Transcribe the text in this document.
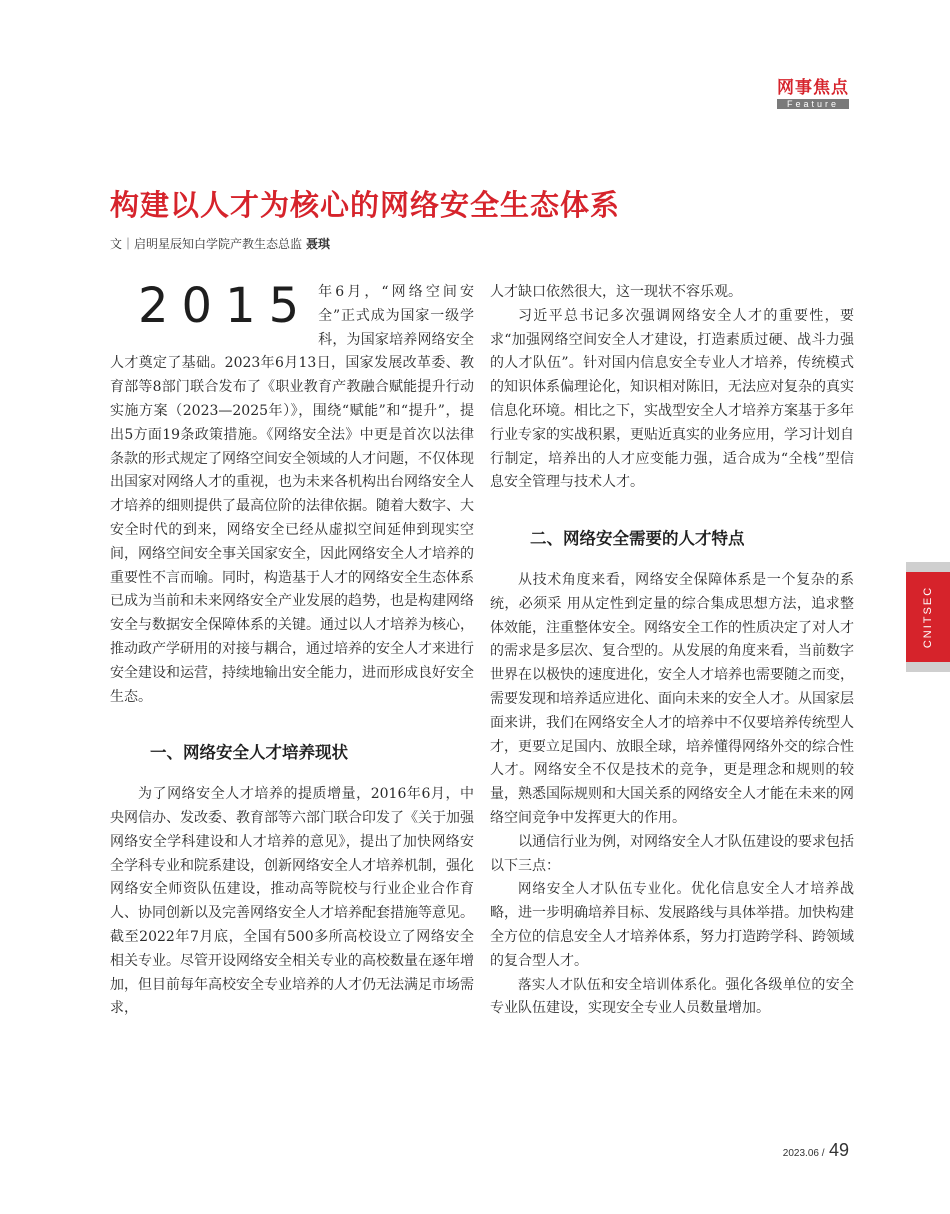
网事焦点
Feature
构建以人才为核心的网络安全生态体系
文｜启明星辰知白学院产教生态总监 聂琪

2015 年6月，“网络空间安全”正式成为国家一级学科，为国家培养网络安全人才奠定了基础。2023年6月13日，国家发展改革委、教育部等8部门联合发布了《职业教育产教融合赋能提升行动实施方案（2023—2025年）》，围绕“赋能”和“提升”，提出5方面19条政策措施。《网络安全法》中更是首次以法律条款的形式规定了网络空间安全领域的人才问题，不仅体现出国家对网络人才的重视，也为未来各机构出台网络安全人才培养的细则提供了最高位阶的法律依据。随着大数字、大安全时代的到来，网络安全已经从虚拟空间延伸到现实空间，网络空间安全事关国家安全，因此网络安全人才培养的重要性不言而喻。同时，构造基于人才的网络安全生态体系已成为当前和未来网络安全产业发展的趋势，也是构建网络安全与数据安全保障体系的关键。通过以人才培养为核心，推动政产学研用的对接与耦合，通过培养的安全人才来进行安全建设和运营，持续地输出安全能力，进而形成良好安全生态。

一、网络安全人才培养现状

为了网络安全人才培养的提质增量，2016年6月，中央网信办、发改委、教育部等六部门联合印发了《关于加强网络安全学科建设和人才培养的意见》，提出了加快网络安全学科专业和院系建设，创新网络安全人才培养机制，强化网络安全师资队伍建设，推动高等院校与行业企业合作育人、协同创新以及完善网络安全人才培养配套措施等意见。截至2022年7月底，全国有500多所高校设立了网络安全相关专业。尽管开设网络安全相关专业的高校数量在逐年增加，但目前每年高校安全专业培养的人才仍无法满足市场需求，

人才缺口依然很大，这一现状不容乐观。

习近平总书记多次强调网络安全人才的重要性，要求“加强网络空间安全人才建设，打造素质过硬、战斗力强的人才队伍”。针对国内信息安全专业人才培养，传统模式的知识体系偏理论化，知识相对陈旧，无法应对复杂的真实信息化环境。相比之下，实战型安全人才培养方案基于多年行业专家的实战积累，更贴近真实的业务应用，学习计划自行制定，培养出的人才应变能力强，适合成为“全栈”型信息安全管理与技术人才。

二、网络安全需要的人才特点

从技术角度来看，网络安全保障体系是一个复杂的系统，必须采 用从定性到定量的综合集成思想方法，追求整体效能，注重整体安全。网络安全工作的性质决定了对人才的需求是多层次、复合型的。从发展的角度来看，当前数字世界在以极快的速度进化，安全人才培养也需要随之而变，需要发现和培养适应进化、面向未来的安全人才。从国家层面来讲，我们在网络安全人才的培养中不仅要培养传统型人才，更要立足国内、放眼全球，培养懂得网络外交的综合性人才。网络安全不仅是技术的竞争，更是理念和规则的较量，熟悉国际规则和大国关系的网络安全人才能在未来的网络空间竞争中发挥更大的作用。

以通信行业为例，对网络安全人才队伍建设的要求包括以下三点：

网络安全人才队伍专业化。优化信息安全人才培养战略，进一步明确培养目标、发展路线与具体举措。加快构建全方位的信息安全人才培养体系，努力打造跨学科、跨领域的复合型人才。

落实人才队伍和安全培训体系化。强化各级单位的安全专业队伍建设，实现安全专业人员数量增加。

CNITSEC
2023.06 / 49
